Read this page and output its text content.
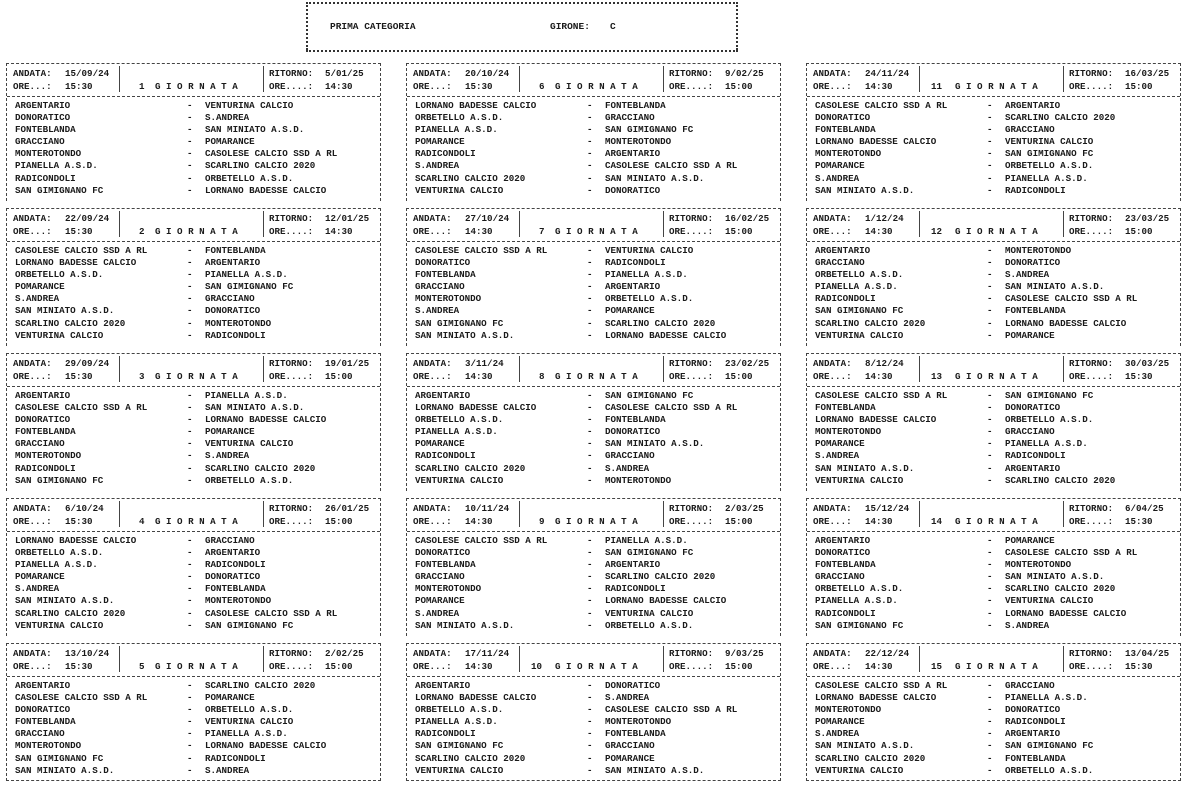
PRIMA CATEGORIA	GIRONE: C
ANDATA: 15/09/24
ORE...: 15:30	1 G I O R N A T A
RITORNO: 5/01/25
ORE....: 14:30
ARGENTARIO	- VENTURINA CALCIO
DONORATICO	- S.ANDREA
FONTEBLANDA	- SAN MINIATO A.S.D.
GRACCIANO	- POMARANCE
MONTEROTONDO	- CASOLESE CALCIO SSD A RL
PIANELLA A.S.D.	- SCARLINO CALCIO 2020
RADICONDOLI	- ORBETELLO A.S.D.
SAN GIMIGNANO FC	- LORNANO BADESSE CALCIO
ANDATA: 22/09/24
ORE...: 15:30	2 G I O R N A T A
RITORNO: 12/01/25
ORE....: 14:30
CASOLESE CALCIO SSD A RL	- FONTEBLANDA
LORNANO BADESSE CALCIO	- ARGENTARIO
ORBETELLO A.S.D.	- PIANELLA A.S.D.
POMARANCE	- SAN GIMIGNANO FC
S.ANDREA	- GRACCIANO
SAN MINIATO A.S.D.	- DONORATICO
SCARLINO CALCIO 2020	- MONTEROTONDO
VENTURINA CALCIO	- RADICONDOLI
ANDATA: 29/09/24
ORE...: 15:30	3 G I O R N A T A
RITORNO: 19/01/25
ORE....: 15:00
ARGENTARIO	- PIANELLA A.S.D.
CASOLESE CALCIO SSD A RL	- SAN MINIATO A.S.D.
DONORATICO	- LORNANO BADESSE CALCIO
FONTEBLANDA	- POMARANCE
GRACCIANO	- VENTURINA CALCIO
MONTEROTONDO	- S.ANDREA
RADICONDOLI	- SCARLINO CALCIO 2020
SAN GIMIGNANO FC	- ORBETELLO A.S.D.
ANDATA: 6/10/24
ORE...: 15:30	4 G I O R N A T A
RITORNO: 26/01/25
ORE....: 15:00
LORNANO BADESSE CALCIO	- GRACCIANO
ORBETELLO A.S.D.	- ARGENTARIO
PIANELLA A.S.D.	- RADICONDOLI
POMARANCE	- DONORATICO
S.ANDREA	- FONTEBLANDA
SAN MINIATO A.S.D.	- MONTEROTONDO
SCARLINO CALCIO 2020	- CASOLESE CALCIO SSD A RL
VENTURINA CALCIO	- SAN GIMIGNANO FC
ANDATA: 13/10/24
ORE...: 15:30	5 G I O R N A T A
RITORNO: 2/02/25
ORE....: 15:00
ARGENTARIO	- SCARLINO CALCIO 2020
CASOLESE CALCIO SSD A RL	- POMARANCE
DONORATICO	- ORBETELLO A.S.D.
FONTEBLANDA	- VENTURINA CALCIO
GRACCIANO	- PIANELLA A.S.D.
MONTEROTONDO	- LORNANO BADESSE CALCIO
SAN GIMIGNANO FC	- RADICONDOLI
SAN MINIATO A.S.D.	- S.ANDREA
ANDATA: 20/10/24
ORE...: 15:30	6 G I O R N A T A
RITORNO: 9/02/25
ORE....: 15:00
LORNANO BADESSE CALCIO	- FONTEBLANDA
ORBETELLO A.S.D.	- GRACCIANO
PIANELLA A.S.D.	- SAN GIMIGNANO FC
POMARANCE	- MONTEROTONDO
RADICONDOLI	- ARGENTARIO
S.ANDREA	- CASOLESE CALCIO SSD A RL
SCARLINO CALCIO 2020	- SAN MINIATO A.S.D.
VENTURINA CALCIO	- DONORATICO
ANDATA: 27/10/24
ORE...: 14:30	7 G I O R N A T A
RITORNO: 16/02/25
ORE....: 15:00
CASOLESE CALCIO SSD A RL	- VENTURINA CALCIO
DONORATICO	- RADICONDOLI
FONTEBLANDA	- PIANELLA A.S.D.
GRACCIANO	- ARGENTARIO
MONTEROTONDO	- ORBETELLO A.S.D.
S.ANDREA	- POMARANCE
SAN GIMIGNANO FC	- SCARLINO CALCIO 2020
SAN MINIATO A.S.D.	- LORNANO BADESSE CALCIO
ANDATA: 3/11/24
ORE...: 14:30	8 G I O R N A T A
RITORNO: 23/02/25
ORE....: 15:00
ARGENTARIO	- SAN GIMIGNANO FC
LORNANO BADESSE CALCIO	- CASOLESE CALCIO SSD A RL
ORBETELLO A.S.D.	- FONTEBLANDA
PIANELLA A.S.D.	- DONORATICO
POMARANCE	- SAN MINIATO A.S.D.
RADICONDOLI	- GRACCIANO
SCARLINO CALCIO 2020	- S.ANDREA
VENTURINA CALCIO	- MONTEROTONDO
ANDATA: 10/11/24
ORE...: 14:30	9 G I O R N A T A
RITORNO: 2/03/25
ORE....: 15:00
CASOLESE CALCIO SSD A RL	- PIANELLA A.S.D.
DONORATICO	- SAN GIMIGNANO FC
FONTEBLANDA	- ARGENTARIO
GRACCIANO	- SCARLINO CALCIO 2020
MONTEROTONDO	- RADICONDOLI
POMARANCE	- LORNANO BADESSE CALCIO
S.ANDREA	- VENTURINA CALCIO
SAN MINIATO A.S.D.	- ORBETELLO A.S.D.
ANDATA: 17/11/24
ORE...: 14:30	10 G I O R N A T A
RITORNO: 9/03/25
ORE....: 15:00
ARGENTARIO	- DONORATICO
LORNANO BADESSE CALCIO	- S.ANDREA
ORBETELLO A.S.D.	- CASOLESE CALCIO SSD A RL
PIANELLA A.S.D.	- MONTEROTONDO
RADICONDOLI	- FONTEBLANDA
SAN GIMIGNANO FC	- GRACCIANO
SCARLINO CALCIO 2020	- POMARANCE
VENTURINA CALCIO	- SAN MINIATO A.S.D.
ANDATA: 24/11/24
ORE...: 14:30	11 G I O R N A T A
RITORNO: 16/03/25
ORE....: 15:00
CASOLESE CALCIO SSD A RL	- ARGENTARIO
DONORATICO	- SCARLINO CALCIO 2020
FONTEBLANDA	- GRACCIANO
LORNANO BADESSE CALCIO	- VENTURINA CALCIO
MONTEROTONDO	- SAN GIMIGNANO FC
POMARANCE	- ORBETELLO A.S.D.
S.ANDREA	- PIANELLA A.S.D.
SAN MINIATO A.S.D.	- RADICONDOLI
ANDATA: 1/12/24
ORE...: 14:30	12 G I O R N A T A
RITORNO: 23/03/25
ORE....: 15:00
ARGENTARIO	- MONTEROTONDO
GRACCIANO	- DONORATICO
ORBETELLO A.S.D.	- S.ANDREA
PIANELLA A.S.D.	- SAN MINIATO A.S.D.
RADICONDOLI	- CASOLESE CALCIO SSD A RL
SAN GIMIGNANO FC	- FONTEBLANDA
SCARLINO CALCIO 2020	- LORNANO BADESSE CALCIO
VENTURINA CALCIO	- POMARANCE
ANDATA: 8/12/24
ORE...: 14:30	13 G I O R N A T A
RITORNO: 30/03/25
ORE....: 15:30
CASOLESE CALCIO SSD A RL	- SAN GIMIGNANO FC
FONTEBLANDA	- DONORATICO
LORNANO BADESSE CALCIO	- ORBETELLO A.S.D.
MONTEROTONDO	- GRACCIANO
POMARANCE	- PIANELLA A.S.D.
S.ANDREA	- RADICONDOLI
SAN MINIATO A.S.D.	- ARGENTARIO
VENTURINA CALCIO	- SCARLINO CALCIO 2020
ANDATA: 15/12/24
ORE...: 14:30	14 G I O R N A T A
RITORNO: 6/04/25
ORE....: 15:30
ARGENTARIO	- POMARANCE
DONORATICO	- CASOLESE CALCIO SSD A RL
FONTEBLANDA	- MONTEROTONDO
GRACCIANO	- SAN MINIATO A.S.D.
ORBETELLO A.S.D.	- SCARLINO CALCIO 2020
PIANELLA A.S.D.	- VENTURINA CALCIO
RADICONDOLI	- LORNANO BADESSE CALCIO
SAN GIMIGNANO FC	- S.ANDREA
ANDATA: 22/12/24
ORE...: 14:30	15 G I O R N A T A
RITORNO: 13/04/25
ORE....: 15:30
CASOLESE CALCIO SSD A RL	- GRACCIANO
LORNANO BADESSE CALCIO	- PIANELLA A.S.D.
MONTEROTONDO	- DONORATICO
POMARANCE	- RADICONDOLI
S.ANDREA	- ARGENTARIO
SAN MINIATO A.S.D.	- SAN GIMIGNANO FC
SCARLINO CALCIO 2020	- FONTEBLANDA
VENTURINA CALCIO	- ORBETELLO A.S.D.
